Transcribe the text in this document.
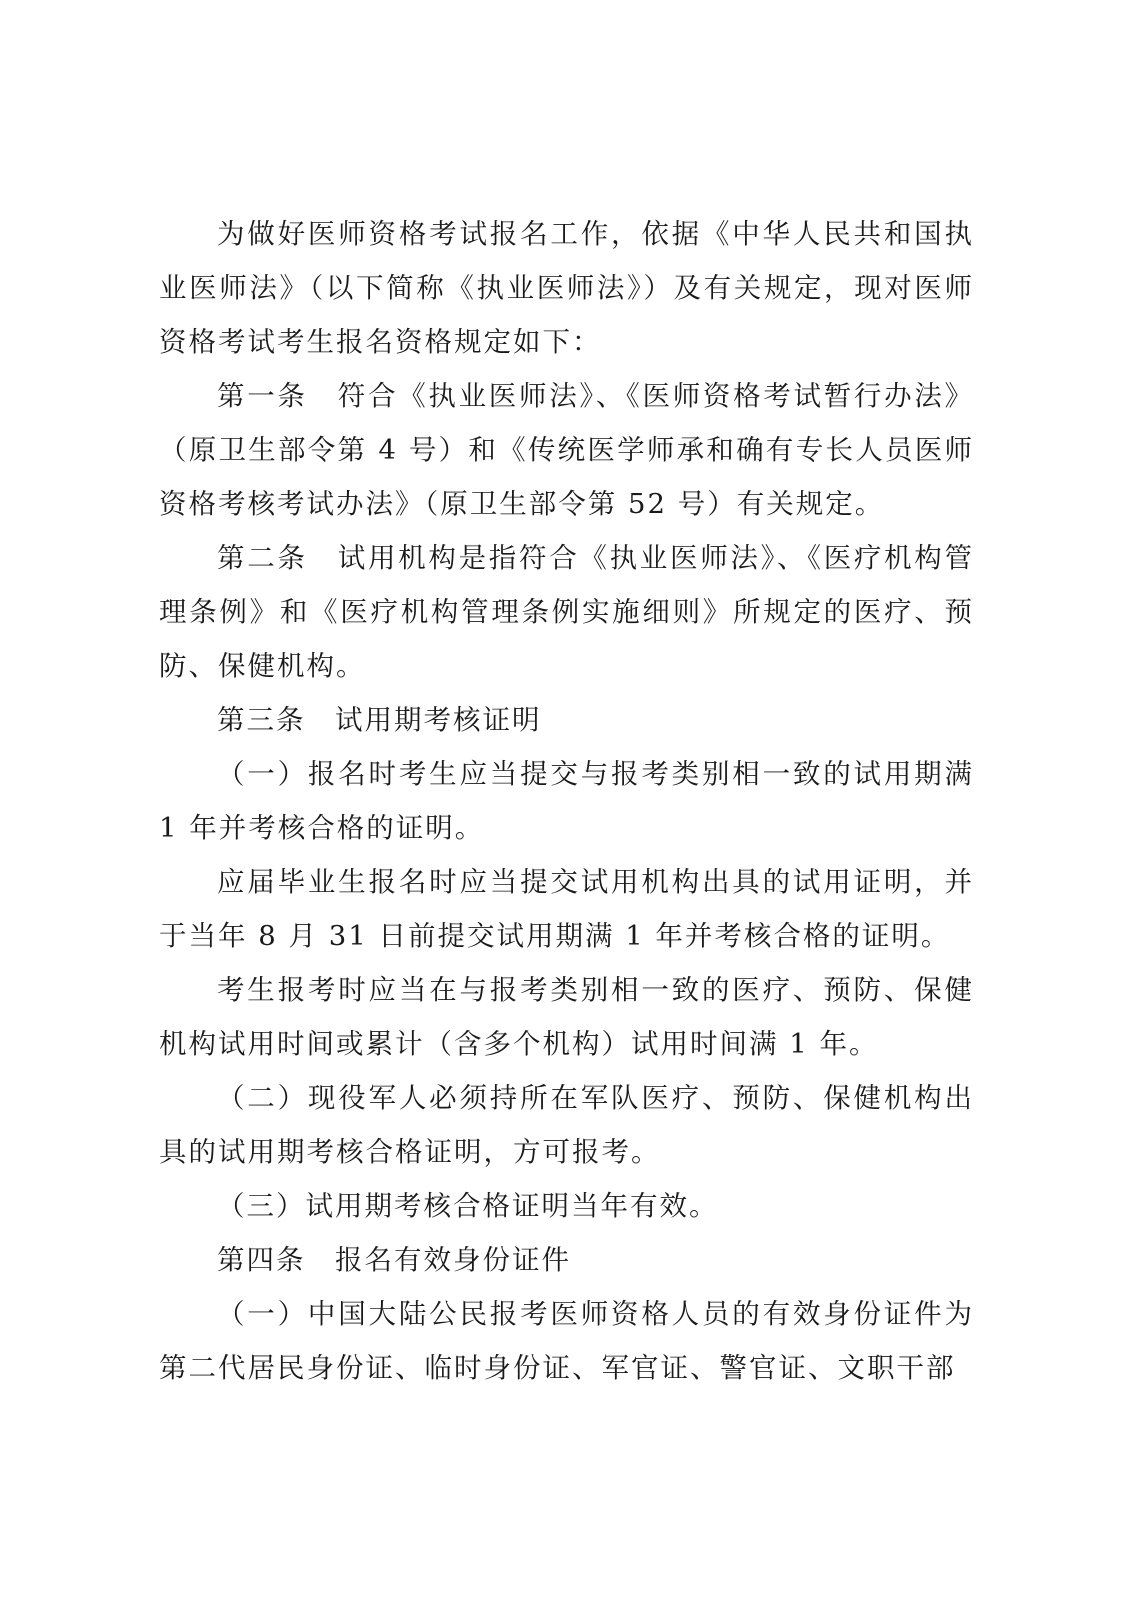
为做好医师资格考试报名工作，依据《中华人民共和国执业医师法》（以下简称《执业医师法》）及有关规定，现对医师资格考试考生报名资格规定如下：

第一条　符合《执业医师法》、《医师资格考试暂行办法》（原卫生部令第 4 号）和《传统医学师承和确有专长人员医师资格考核考试办法》（原卫生部令第 52 号）有关规定。

第二条　试用机构是指符合《执业医师法》、《医疗机构管理条例》和《医疗机构管理条例实施细则》所规定的医疗、预防、保健机构。

第三条　试用期考核证明

（一）报名时考生应当提交与报考类别相一致的试用期满 1 年并考核合格的证明。

应届毕业生报名时应当提交试用机构出具的试用证明，并于当年 8 月 31 日前提交试用期满 1 年并考核合格的证明。

考生报考时应当在与报考类别相一致的医疗、预防、保健机构试用时间或累计（含多个机构）试用时间满 1 年。

（二）现役军人必须持所在军队医疗、预防、保健机构出具的试用期考核合格证明，方可报考。

（三）试用期考核合格证明当年有效。

第四条　报名有效身份证件

（一）中国大陆公民报考医师资格人员的有效身份证件为第二代居民身份证、临时身份证、军官证、警官证、文职干部
